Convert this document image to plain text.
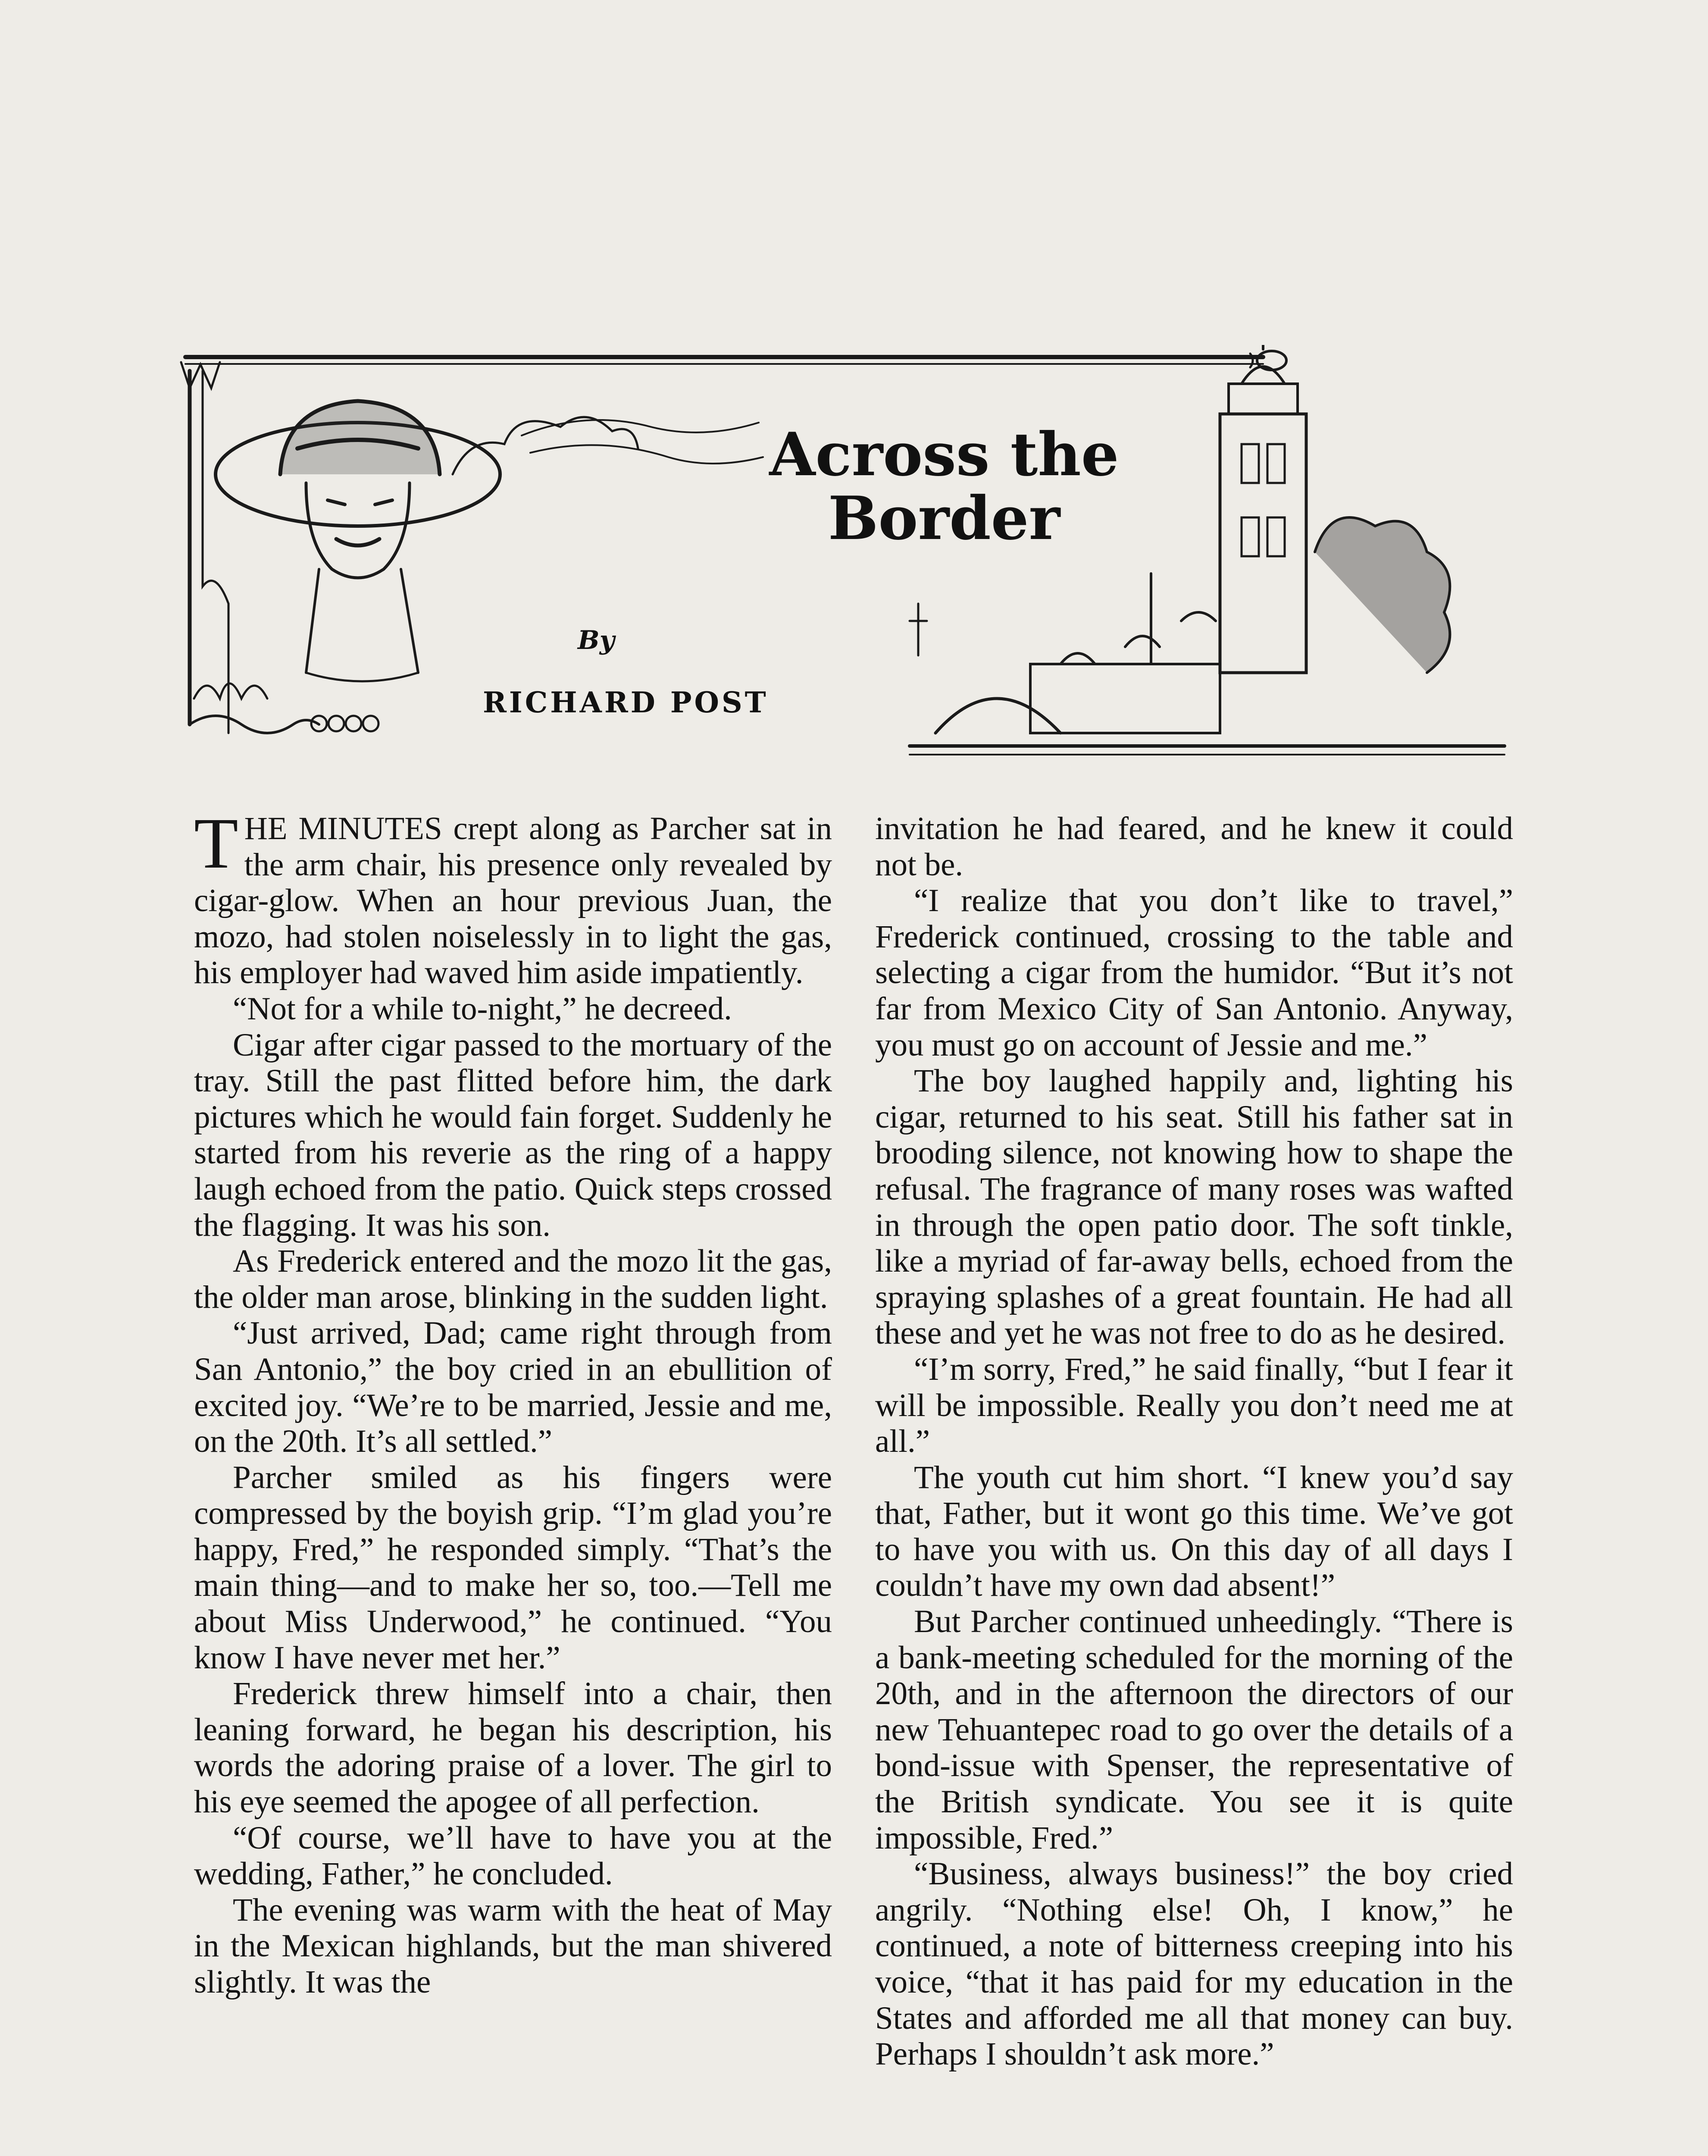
Across the
Border
By
RICHARD POST

THE MINUTES crept along as Parcher sat in the arm chair, his presence only revealed by cigar-glow. When an hour previous Juan, the mozo, had stolen noiselessly in to light the gas, his employer had waved him aside impatiently.

“Not for a while to-night,” he decreed.

Cigar after cigar passed to the mortuary of the tray. Still the past flitted before him, the dark pictures which he would fain forget. Suddenly he started from his reverie as the ring of a happy laugh echoed from the patio. Quick steps crossed the flagging. It was his son.

As Frederick entered and the mozo lit the gas, the older man arose, blinking in the sudden light.

“Just arrived, Dad; came right through from San Antonio,” the boy cried in an ebullition of excited joy. “We’re to be married, Jessie and me, on the 20th. It’s all settled.”

Parcher smiled as his fingers were compressed by the boyish grip. “I’m glad you’re happy, Fred,” he responded simply. “That’s the main thing—and to make her so, too.—Tell me about Miss Underwood,” he continued. “You know I have never met her.”

Frederick threw himself into a chair, then leaning forward, he began his description, his words the adoring praise of a lover. The girl to his eye seemed the apogee of all perfection.

“Of course, we’ll have to have you at the wedding, Father,” he concluded.

The evening was warm with the heat of May in the Mexican highlands, but the man shivered slightly. It was the

invitation he had feared, and he knew it could not be.

“I realize that you don’t like to travel,” Frederick continued, crossing to the table and selecting a cigar from the humidor. “But it’s not far from Mexico City of San Antonio. Anyway, you must go on account of Jessie and me.”

The boy laughed happily and, lighting his cigar, returned to his seat. Still his father sat in brooding silence, not knowing how to shape the refusal. The fragrance of many roses was wafted in through the open patio door. The soft tinkle, like a myriad of far-away bells, echoed from the spraying splashes of a great fountain. He had all these and yet he was not free to do as he desired.

“I’m sorry, Fred,” he said finally, “but I fear it will be impossible. Really you don’t need me at all.”

The youth cut him short. “I knew you’d say that, Father, but it wont go this time. We’ve got to have you with us. On this day of all days I couldn’t have my own dad absent!”

But Parcher continued unheedingly. “There is a bank-meeting scheduled for the morning of the 20th, and in the afternoon the directors of our new Tehuantepec road to go over the details of a bond-issue with Spenser, the representative of the British syndicate. You see it is quite impossible, Fred.”

“Business, always business!” the boy cried angrily. “Nothing else! Oh, I know,” he continued, a note of bitterness creeping into his voice, “that it has paid for my education in the States and afforded me all that money can buy. Perhaps I shouldn’t ask more.”
